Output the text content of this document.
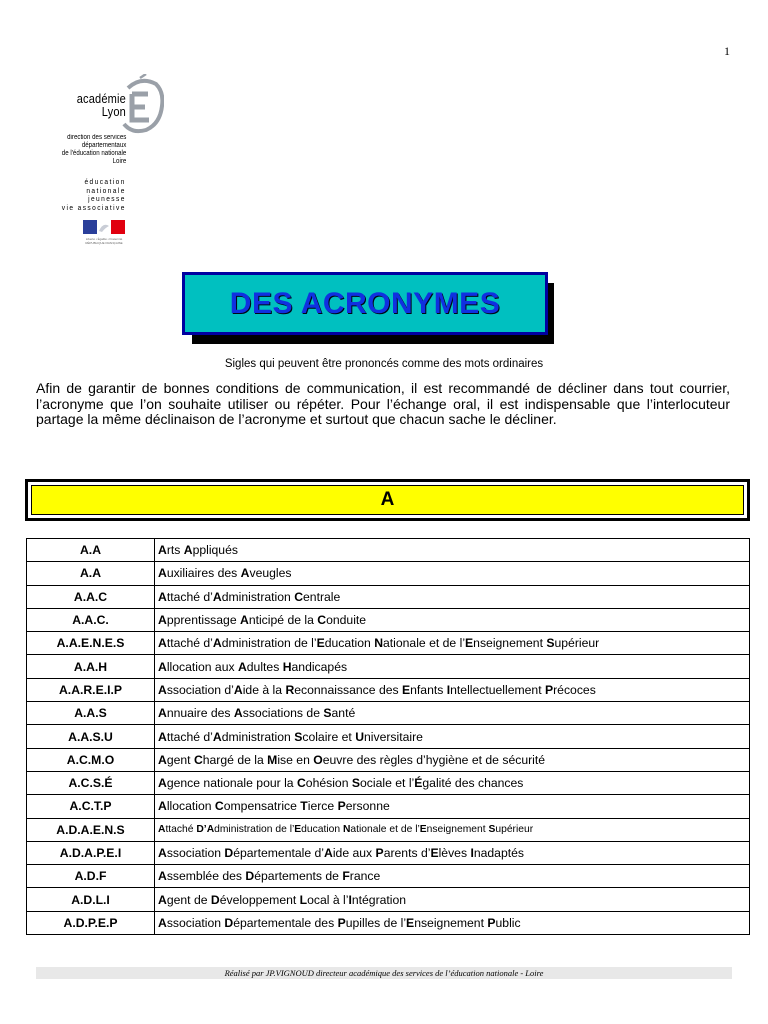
1
académie
Lyon
direction des services
départementaux
de l'éducation nationale
Loire
éducation
nationale
jeunesse
vie associative
Liberté • Égalité • Fraternité RÉPUBLIQUE FRANÇAISE
DES ACRONYMES
Sigles qui peuvent être prononcés comme des mots ordinaires
Afin de garantir de bonnes conditions de communication, il est recommandé de décliner dans tout courrier, l’acronyme que l’on souhaite utiliser ou répéter. Pour l’échange oral, il est indispensable que l’interlocuteur partage la même déclinaison de l’acronyme et surtout que chacun sache le décliner.
A
A.A	Arts Appliqués
A.A	Auxiliaires des Aveugles
A.A.C	Attaché d’Administration Centrale
A.A.C.	Apprentissage Anticipé de la Conduite
A.A.E.N.E.S	Attaché d’Administration de l’Education Nationale et de l’Enseignement Supérieur
A.A.H	Allocation aux Adultes Handicapés
A.A.R.E.I.P	Association d’Aide à la Reconnaissance des Enfants Intellectuellement Précoces
A.A.S	Annuaire des Associations de Santé
A.A.S.U	Attaché d’Administration Scolaire et Universitaire
A.C.M.O	Agent Chargé de la Mise en Oeuvre des règles d’hygiène et de sécurité
A.C.S.É	Agence nationale pour la Cohésion Sociale et l’Égalité des chances
A.C.T.P	Allocation Compensatrice Tierce Personne
A.D.A.E.N.S	Attaché D’Administration de l’Education Nationale et de l’Enseignement Supérieur
A.D.A.P.E.I	Association Départementale d’Aide aux Parents d’Elèves Inadaptés
A.D.F	Assemblée des Départements de France
A.D.L.I	Agent de Développement Local à l’Intégration
A.D.P.E.P	Association Départementale des Pupilles de l’Enseignement Public
Réalisé par JP.VIGNOUD directeur académique des services de l’éducation nationale - Loire
